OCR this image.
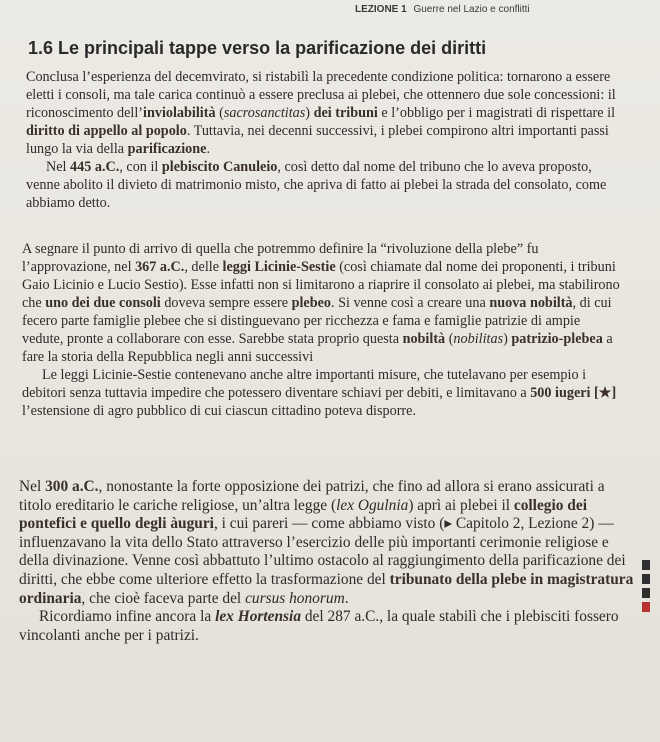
LEZIONE 1 Guerre nel Lazio e conflitti
1.6 Le principali tappe verso la parificazione dei diritti

Conclusa l’esperienza del decemvirato, si ristabilì la precedente condizione politica: tornarono a essere eletti i consoli, ma tale carica continuò a essere preclusa ai plebei, che ottennero due sole concessioni: il riconoscimento dell’inviolabilità (sacrosanctitas) dei tribuni e l’obbligo per i magistrati di rispettare il diritto di appello al popolo. Tuttavia, nei decenni successivi, i plebei compirono altri importanti passi lungo la via della parificazione.

Nel 445 a.C., con il plebiscito Canuleio, così detto dal nome del tribuno che lo aveva proposto, venne abolito il divieto di matrimonio misto, che apriva di fatto ai plebei la strada del consolato, come abbiamo detto.

A segnare il punto di arrivo di quella che potremmo definire la “rivoluzione della plebe” fu l’approvazione, nel 367 a.C., delle leggi Licinie-Sestie (così chiamate dal nome dei proponenti, i tribuni Gaio Licinio e Lucio Sestio). Esse infatti non si limitarono a riaprire il consolato ai plebei, ma stabilirono che uno dei due consoli doveva sempre essere plebeo. Si venne così a creare una nuova nobiltà, di cui fecero parte famiglie plebee che si distinguevano per ricchezza e fama e famiglie patrizie di ampie vedute, pronte a collaborare con esse. Sarebbe stata proprio questa nobiltà (nobilitas) patrizio-plebea a fare la storia della Repubblica negli anni successivi

Le leggi Licinie-Sestie contenevano anche altre importanti misure, che tutelavano per esempio i debitori senza tuttavia impedire che potessero diventare schiavi per debiti, e limitavano a 500 iugeri [★] l’estensione di agro pubblico di cui ciascun cittadino poteva disporre.

Nel 300 a.C., nonostante la forte opposizione dei patrizi, che fino ad allora si erano assicurati a titolo ereditario le cariche religiose, un’altra legge (lex Ogulnia) aprì ai plebei il collegio dei pontefici e quello degli àuguri, i cui pareri — come abbiamo visto (▸ Capitolo 2, Lezione 2) — influenzavano la vita dello Stato attraverso l’esercizio delle più importanti cerimonie religiose e della divinazione. Venne così abbattuto l’ultimo ostacolo al raggiungimento della parificazione dei diritti, che ebbe come ulteriore effetto la trasformazione del tribunato della plebe in magistratura ordinaria, che cioè faceva parte del cursus honorum.

Ricordiamo infine ancora la lex Hortensia del 287 a.C., la quale stabilì che i plebisciti fossero vincolanti anche per i patrizi.
